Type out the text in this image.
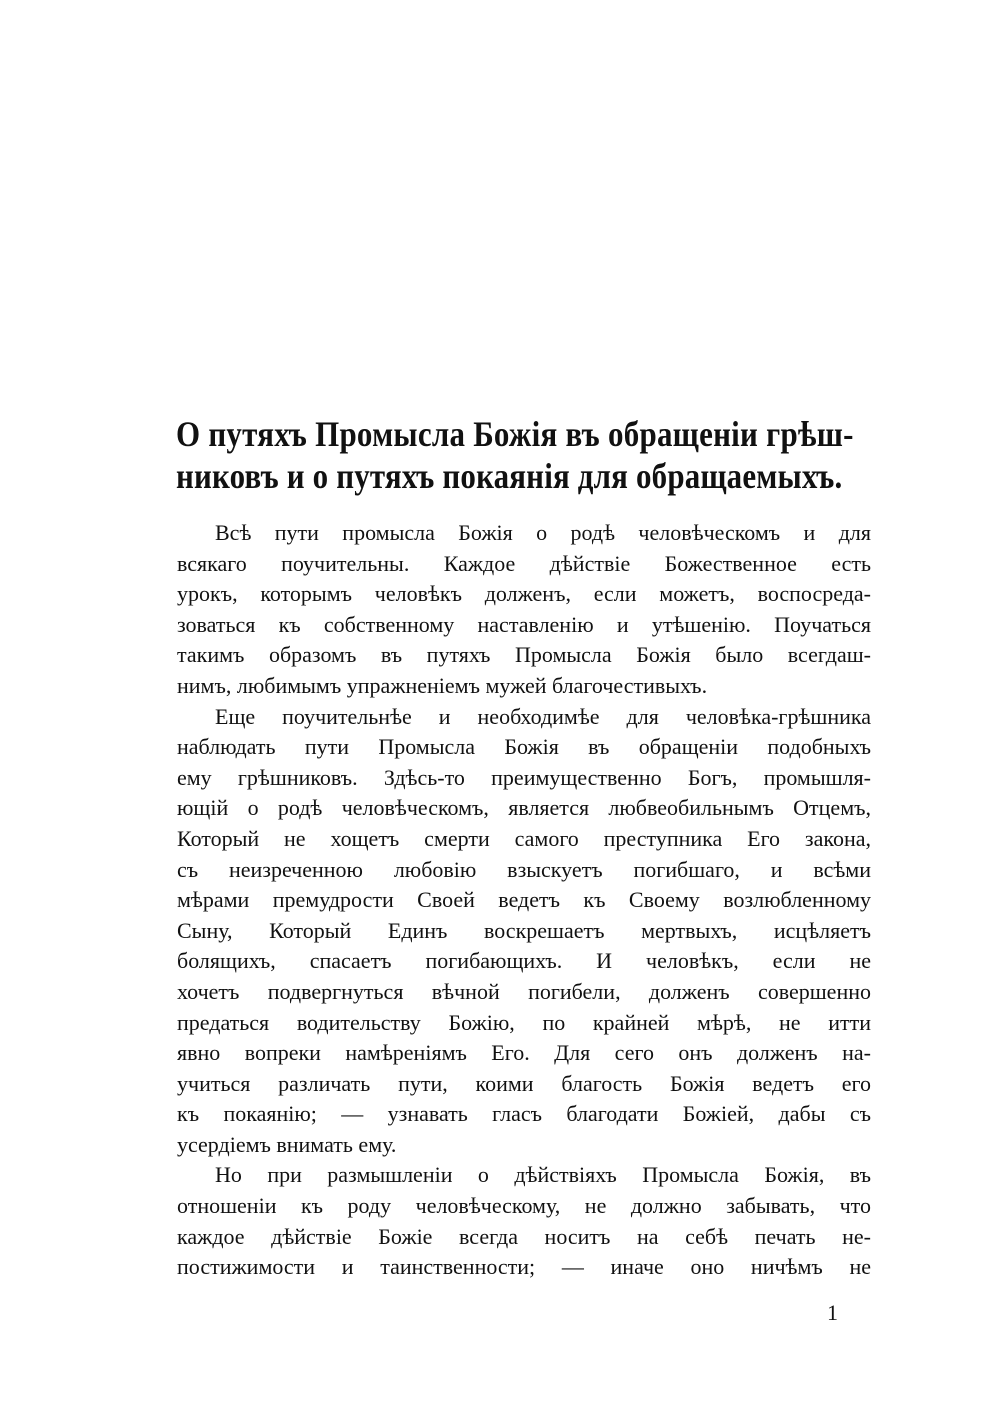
О путяхъ Промысла Божія въ обращеніи грѣш-
никовъ и о путяхъ покаянія для обращаемыхъ.
Всѣ пути промысла Божія о родѣ человѣческомъ и для
всякаго поучительны. Каждое дѣйствіе Божественное есть
урокъ, которымъ человѣкъ долженъ, если можетъ, воспосреда-
зоваться къ собственному наставленію и утѣшенію. Поучаться
такимъ образомъ въ путяхъ Промысла Божія было всегдаш-
нимъ, любимымъ упражненіемъ мужей благочестивыхъ.
Еще поучительнѣе и необходимѣе для человѣка-грѣшника
наблюдать пути Промысла Божія въ обращеніи подобныхъ
ему грѣшниковъ. Здѣсь-то преимущественно Богъ, промышля-
ющій о родѣ человѣческомъ, является любвеобильнымъ Отцемъ,
Который не хощетъ смерти самого преступника Его закона,
съ неизреченною любовію взыскуетъ погибшаго, и всѣми
мѣрами премудрости Своей ведетъ къ Своему возлюбленному
Сыну, Который Единъ воскрешаетъ мертвыхъ, исцѣляетъ
болящихъ, спасаетъ погибающихъ. И человѣкъ, если не
хочетъ подвергнуться вѣчной погибели, долженъ совершенно
предаться водительству Божію, по крайней мѣрѣ, не итти
явно вопреки намѣреніямъ Его. Для сего онъ долженъ на-
учиться различать пути, коими благость Божія ведетъ его
къ покаянію; — узнавать гласъ благодати Божіей, дабы съ
усердіемъ внимать ему.
Но при размышленіи о дѣйствіяхъ Промысла Божія, въ
отношеніи къ роду человѣческому, не должно забывать, что
каждое дѣйствіе Божіе всегда носитъ на себѣ печать не-
постижимости и таинственности; — иначе оно ничѣмъ не
1
